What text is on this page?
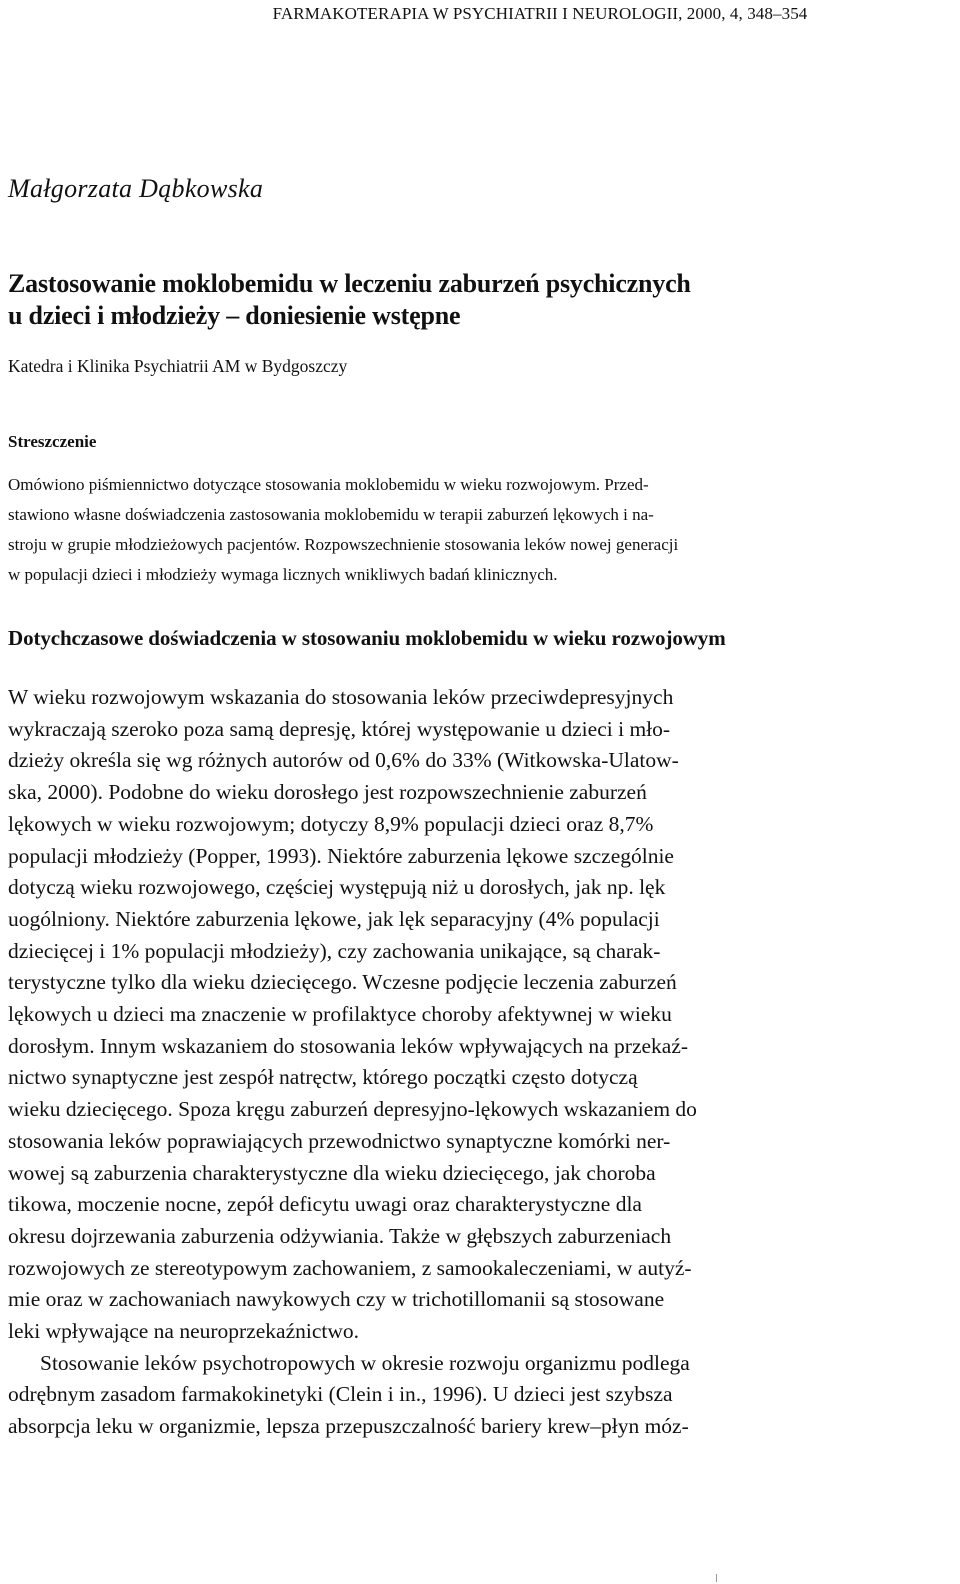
FARMAKOTERAPIA W PSYCHIATRII I NEUROLOGII, 2000, 4, 348–354
Małgorzata Dąbkowska
Zastosowanie moklobemidu w leczeniu zaburzeń psychicznych
u dzieci i młodzieży – doniesienie wstępne
Katedra i Klinika Psychiatrii AM w Bydgoszczy
Streszczenie
Omówiono piśmiennictwo dotyczące stosowania moklobemidu w wieku rozwojowym. Przed-
stawiono własne doświadczenia zastosowania moklobemidu w terapii zaburzeń lękowych i na-
stroju w grupie młodzieżowych pacjentów. Rozpowszechnienie stosowania leków nowej generacji
w populacji dzieci i młodzieży wymaga licznych wnikliwych badań klinicznych.
Dotychczasowe doświadczenia w stosowaniu moklobemidu w wieku rozwojowym
W wieku rozwojowym wskazania do stosowania leków przeciwdepresyjnych
wykraczają szeroko poza samą depresję, której występowanie u dzieci i mło-
dzieży określa się wg różnych autorów od 0,6% do 33% (Witkowska-Ulatow-
ska, 2000). Podobne do wieku dorosłego jest rozpowszechnienie zaburzeń
lękowych w wieku rozwojowym; dotyczy 8,9% populacji dzieci oraz 8,7%
populacji młodzieży (Popper, 1993). Niektóre zaburzenia lękowe szczególnie
dotyczą wieku rozwojowego, częściej występują niż u dorosłych, jak np. lęk
uogólniony. Niektóre zaburzenia lękowe, jak lęk separacyjny (4% populacji
dziecięcej i 1% populacji młodzieży), czy zachowania unikające, są charak-
terystyczne tylko dla wieku dziecięcego. Wczesne podjęcie leczenia zaburzeń
lękowych u dzieci ma znaczenie w profilaktyce choroby afektywnej w wieku
dorosłym. Innym wskazaniem do stosowania leków wpływających na przekaź-
nictwo synaptyczne jest zespół natręctw, którego początki często dotyczą
wieku dziecięcego. Spoza kręgu zaburzeń depresyjno-lękowych wskazaniem do
stosowania leków poprawiających przewodnictwo synaptyczne komórki ner-
wowej są zaburzenia charakterystyczne dla wieku dziecięcego, jak choroba
tikowa, moczenie nocne, zepół deficytu uwagi oraz charakterystyczne dla
okresu dojrzewania zaburzenia odżywiania. Także w głębszych zaburzeniach
rozwojowych ze stereotypowym zachowaniem, z samookaleczeniami, w autyź-
mie oraz w zachowaniach nawykowych czy w trichotillomanii są stosowane
leki wpływające na neuroprzekaźnictwo.
Stosowanie leków psychotropowych w okresie rozwoju organizmu podlega
odrębnym zasadom farmakokinetyki (Clein i in., 1996). U dzieci jest szybsza
absorpcja leku w organizmie, lepsza przepuszczalność bariery krew–płyn móz-
